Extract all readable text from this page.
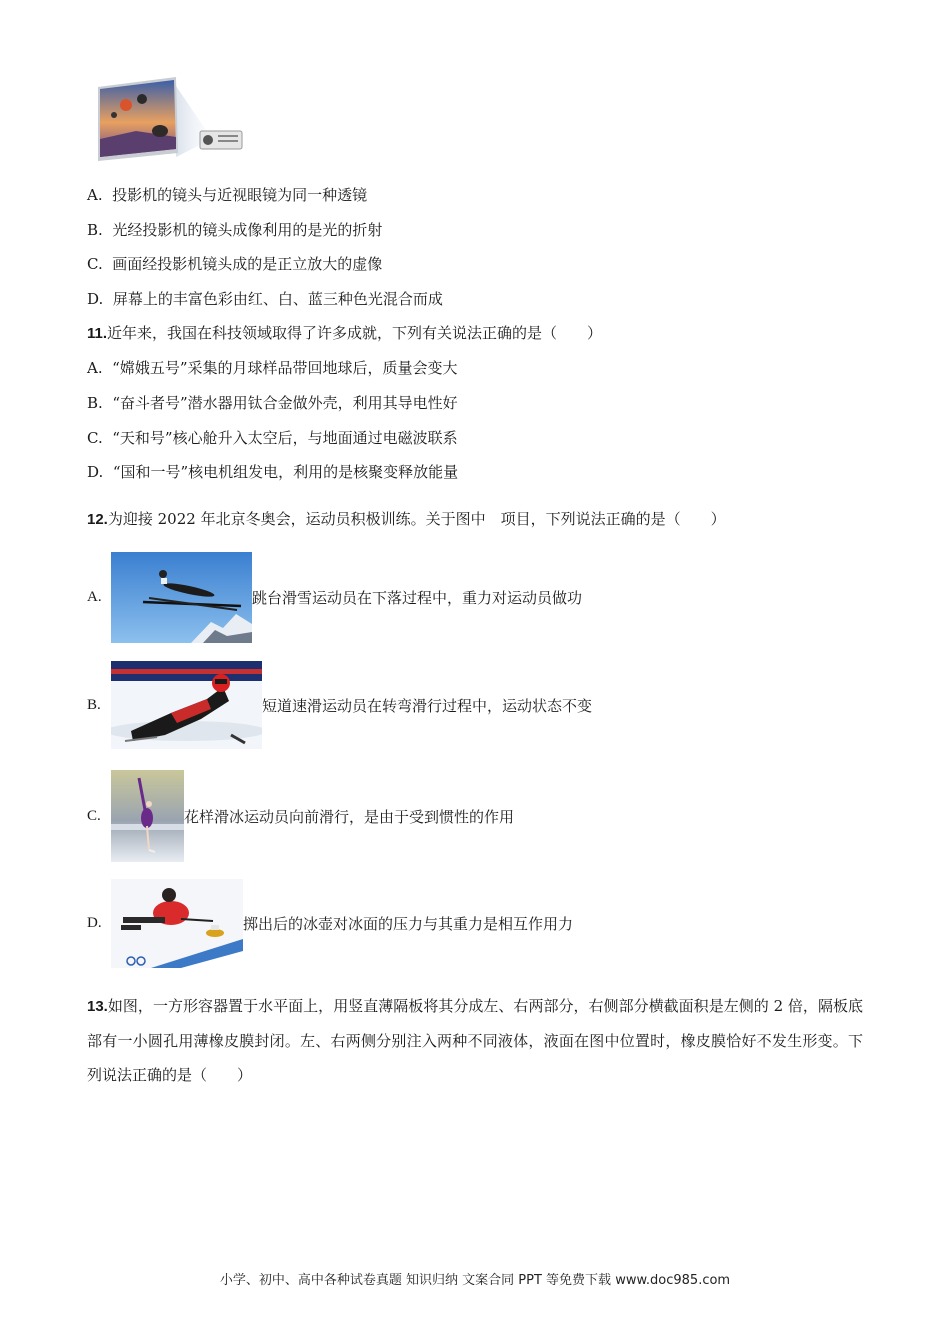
A. 投影机的镜头与近视眼镜为同一种透镜
B. 光经投影机的镜头成像利用的是光的折射
C. 画面经投影机镜头成的是正立放大的虚像
D. 屏幕上的丰富色彩由红、白、蓝三种色光混合而成
11.近年来，我国在科技领域取得了许多成就，下列有关说法正确的是（　　）
A. “嫦娥五号”采集的月球样品带回地球后，质量会变大
B. “奋斗者号”潜水器用钛合金做外壳，利用其导电性好
C. “天和号”核心舱升入太空后，与地面通过电磁波联系
D. “国和一号”核电机组发电，利用的是核聚变释放能量
12.为迎接 2022 年北京冬奥会，运动员积极训练。关于图中　项目，下列说法正确的是（　　）
A.	跳台滑雪运动员在下落过程中，重力对运动员做功
B.	短道速滑运动员在转弯滑行过程中，运动状态不变
C.	花样滑冰运动员向前滑行，是由于受到惯性的作用
D.	掷出后的冰壶对冰面的压力与其重力是相互作用力
13.如图，一方形容器置于水平面上，用竖直薄隔板将其分成左、右两部分，右侧部分横截面积是左侧的 2 倍，隔板底部有一小圆孔用薄橡皮膜封闭。左、右两侧分别注入两种不同液体，液面在图中位置时，橡皮膜恰好不发生形变。下列说法正确的是（　　）
小学、初中、高中各种试卷真题 知识归纳 文案合同 PPT 等免费下载 www.doc985.com
